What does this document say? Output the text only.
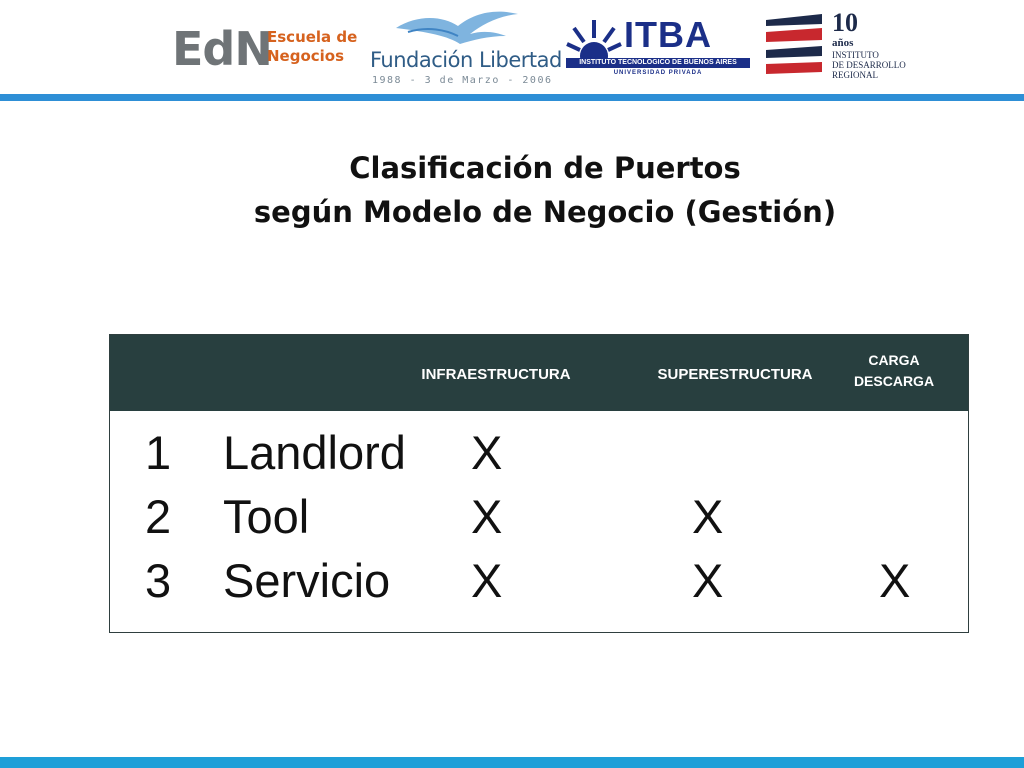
EdN
Escuela de
Negocios	Fundación Libertad
1988 - 3 de Marzo - 2006
ITBA
INSTITUTO TECNOLOGICO DE BUENOS AIRES
UNIVERSIDAD PRIVADA
10
años
INSTITUTO
DE DESARROLLO
REGIONAL
Clasificación de Puertos
según Modelo de Negocio (Gestión)
INFRAESTRUCTURA	SUPERESTRUCTURA
CARGA
DESCARGA
1 Landlord X
2 Tool	X	X
3 Servicio X	X	X
